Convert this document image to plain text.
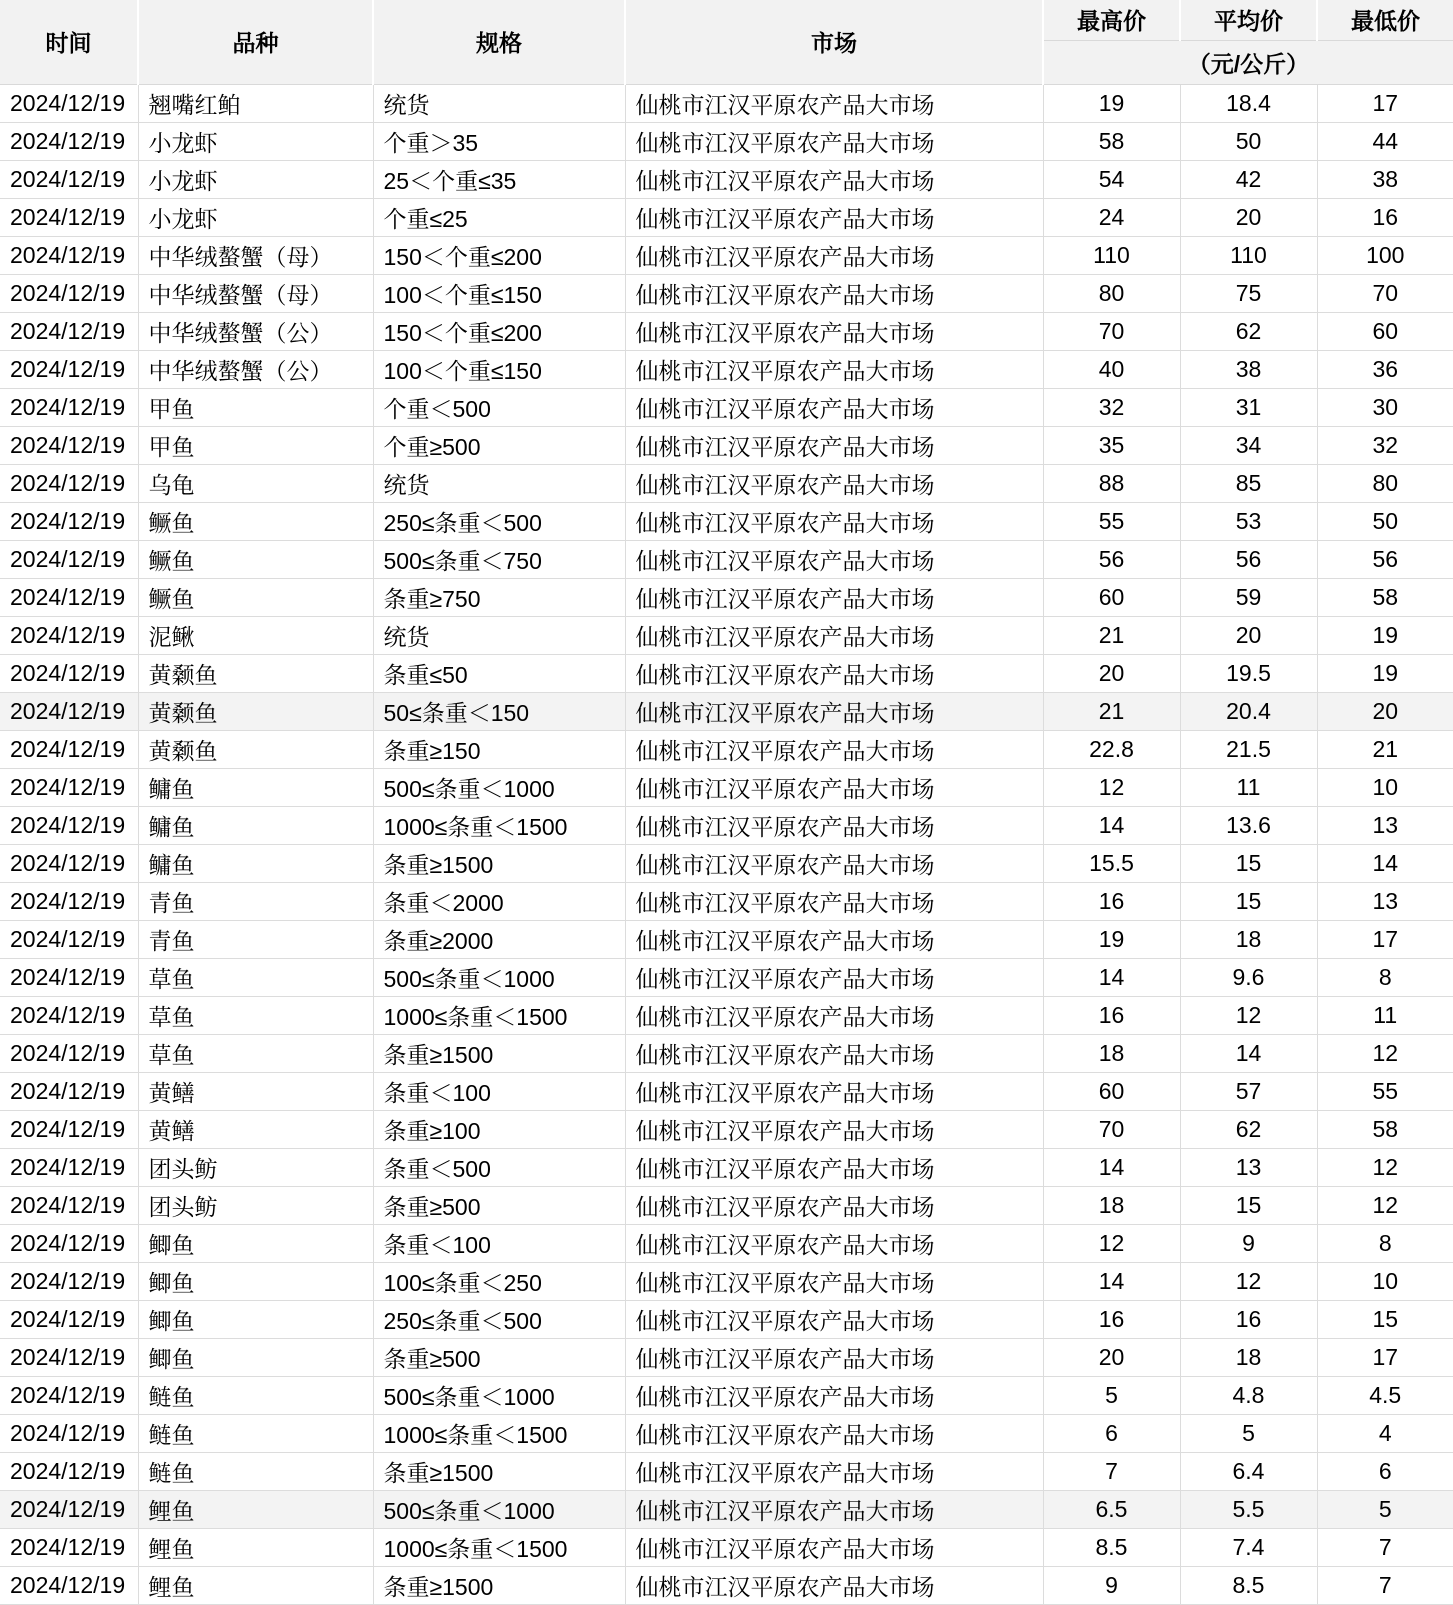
时间	品种	规格	市场	最高价	平均价	最低价
				（元/公斤）		
2024/12/19	翘嘴红鲌	统货	仙桃市江汉平原农产品大市场	19	18.4	17
2024/12/19	小龙虾	个重＞35	仙桃市江汉平原农产品大市场	58	50	44
2024/12/19	小龙虾	25＜个重≤35	仙桃市江汉平原农产品大市场	54	42	38
2024/12/19	小龙虾	个重≤25	仙桃市江汉平原农产品大市场	24	20	16
2024/12/19	中华绒螯蟹（母）	150＜个重≤200	仙桃市江汉平原农产品大市场	110	110	100
2024/12/19	中华绒螯蟹（母）	100＜个重≤150	仙桃市江汉平原农产品大市场	80	75	70
2024/12/19	中华绒螯蟹（公）	150＜个重≤200	仙桃市江汉平原农产品大市场	70	62	60
2024/12/19	中华绒螯蟹（公）	100＜个重≤150	仙桃市江汉平原农产品大市场	40	38	36
2024/12/19	甲鱼	个重＜500	仙桃市江汉平原农产品大市场	32	31	30
2024/12/19	甲鱼	个重≥500	仙桃市江汉平原农产品大市场	35	34	32
2024/12/19	乌龟	统货	仙桃市江汉平原农产品大市场	88	85	80
2024/12/19	鳜鱼	250≤条重＜500	仙桃市江汉平原农产品大市场	55	53	50
2024/12/19	鳜鱼	500≤条重＜750	仙桃市江汉平原农产品大市场	56	56	56
2024/12/19	鳜鱼	条重≥750	仙桃市江汉平原农产品大市场	60	59	58
2024/12/19	泥鳅	统货	仙桃市江汉平原农产品大市场	21	20	19
2024/12/19	黄颡鱼	条重≤50	仙桃市江汉平原农产品大市场	20	19.5	19
2024/12/19	黄颡鱼	50≤条重＜150	仙桃市江汉平原农产品大市场	21	20.4	20
2024/12/19	黄颡鱼	条重≥150	仙桃市江汉平原农产品大市场	22.8	21.5	21
2024/12/19	鳙鱼	500≤条重＜1000	仙桃市江汉平原农产品大市场	12	11	10
2024/12/19	鳙鱼	1000≤条重＜1500	仙桃市江汉平原农产品大市场	14	13.6	13
2024/12/19	鳙鱼	条重≥1500	仙桃市江汉平原农产品大市场	15.5	15	14
2024/12/19	青鱼	条重＜2000	仙桃市江汉平原农产品大市场	16	15	13
2024/12/19	青鱼	条重≥2000	仙桃市江汉平原农产品大市场	19	18	17
2024/12/19	草鱼	500≤条重＜1000	仙桃市江汉平原农产品大市场	14	9.6	8
2024/12/19	草鱼	1000≤条重＜1500	仙桃市江汉平原农产品大市场	16	12	11
2024/12/19	草鱼	条重≥1500	仙桃市江汉平原农产品大市场	18	14	12
2024/12/19	黄鳝	条重＜100	仙桃市江汉平原农产品大市场	60	57	55
2024/12/19	黄鳝	条重≥100	仙桃市江汉平原农产品大市场	70	62	58
2024/12/19	团头鲂	条重＜500	仙桃市江汉平原农产品大市场	14	13	12
2024/12/19	团头鲂	条重≥500	仙桃市江汉平原农产品大市场	18	15	12
2024/12/19	鲫鱼	条重＜100	仙桃市江汉平原农产品大市场	12	9	8
2024/12/19	鲫鱼	100≤条重＜250	仙桃市江汉平原农产品大市场	14	12	10
2024/12/19	鲫鱼	250≤条重＜500	仙桃市江汉平原农产品大市场	16	16	15
2024/12/19	鲫鱼	条重≥500	仙桃市江汉平原农产品大市场	20	18	17
2024/12/19	鲢鱼	500≤条重＜1000	仙桃市江汉平原农产品大市场	5	4.8	4.5
2024/12/19	鲢鱼	1000≤条重＜1500	仙桃市江汉平原农产品大市场	6	5	4
2024/12/19	鲢鱼	条重≥1500	仙桃市江汉平原农产品大市场	7	6.4	6
2024/12/19	鲤鱼	500≤条重＜1000	仙桃市江汉平原农产品大市场	6.5	5.5	5
2024/12/19	鲤鱼	1000≤条重＜1500	仙桃市江汉平原农产品大市场	8.5	7.4	7
2024/12/19	鲤鱼	条重≥1500	仙桃市江汉平原农产品大市场	9	8.5	7
